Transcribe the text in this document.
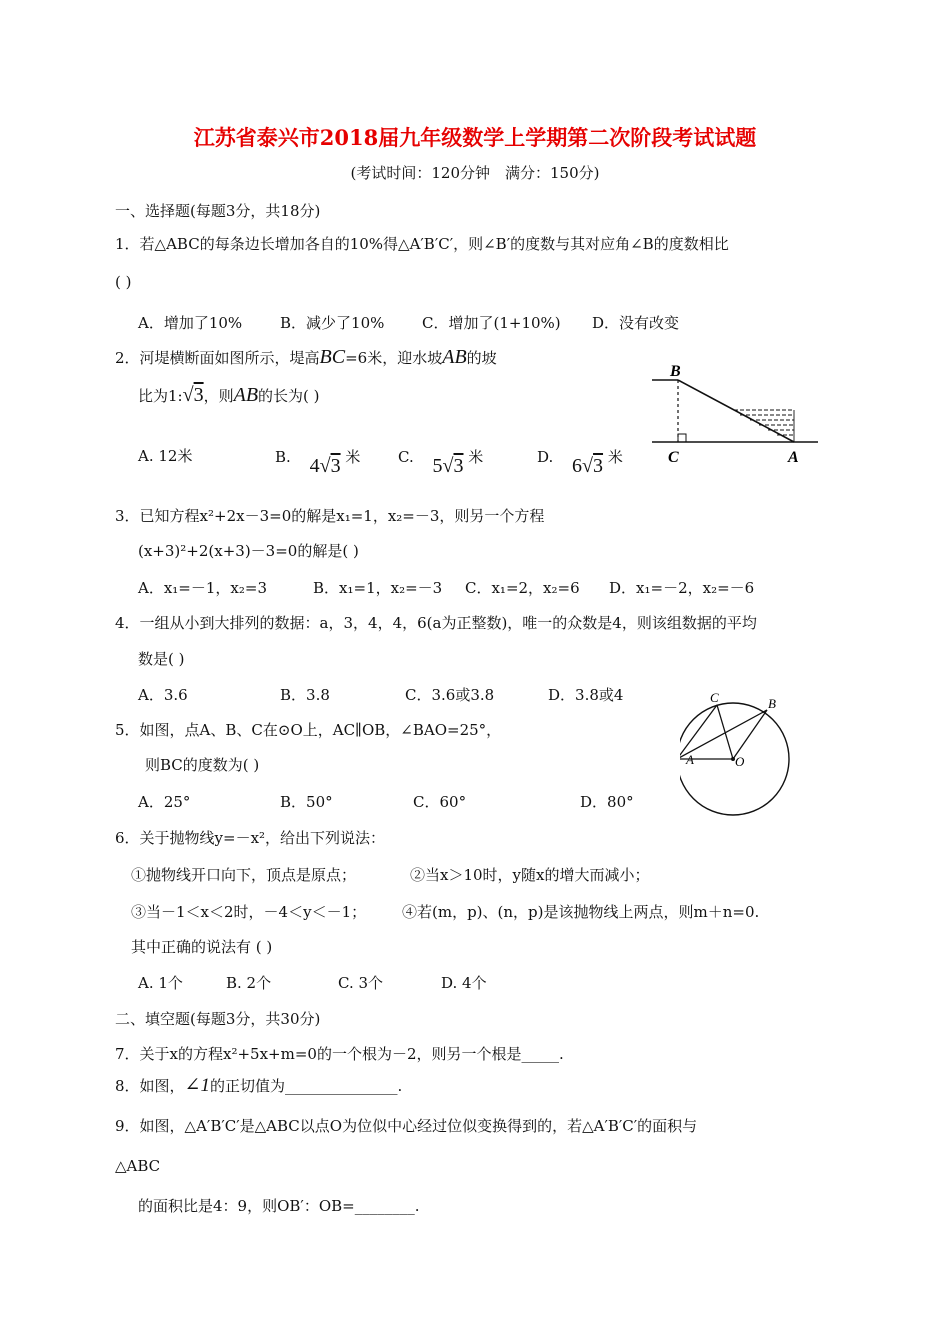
江苏省泰兴市2018届九年级数学上学期第二次阶段考试试题
(考试时间：120分钟　满分：150分)
一、选择题(每题3分，共18分)
1．若△ABC的每条边长增加各自的10%得△A′B′C′，则∠B′的度数与其对应角∠B的度数相比
( )
A．增加了10%	B．减少了10%	C．增加了(1+10%) D．没有改变
2．河堤横断面如图所示，堤高BC=6米，迎水坡AB的坡
比为1:√3，则AB的长为( )
A. 12米	B. 4√3 米	C. 5√3 米	D. 6√3 米
B
C	A
3．已知方程x²+2x－3=0的解是x₁=1，x₂=－3，则另一个方程
(x+3)²+2(x+3)－3=0的解是( )
A．x₁=－1，x₂=3	B．x₁=1，x₂=－3 C．x₁=2，x₂=6 D．x₁=－2，x₂=－6
4．一组从小到大排列的数据：a，3，4，4，6(a为正整数)，唯一的众数是4，则该组数据的平均
数是( )
A．3.6	B．3.8	C．3.6或3.8	D．3.8或4
5．如图，点A、B、C在⊙O上，AC∥OB，∠BAO=25°，
则BC的度数为( )
A．25°	B．50°	C．60°	D．80°
C	B
O
A
6．关于抛物线y=－x²，给出下列说法：
①抛物线开口向下，顶点是原点；	②当x＞10时，y随x的增大而减小；
③当－1＜x＜2时，－4＜y＜－1； ④若(m，p)、(n，p)是该抛物线上两点，则m＋n=0.
其中正确的说法有 ( )
A. 1个	B. 2个	C. 3个	D. 4个
二、填空题(每题3分，共30分)
7．关于x的方程x²+5x+m=0的一个根为－2，则另一个根是_____.
8．如图，∠1的正切值为_______________.
9．如图，△A′B′C′是△ABC以点O为位似中心经过位似变换得到的，若△A′B′C′的面积与
△ABC
的面积比是4：9，则OB′：OB=________.
